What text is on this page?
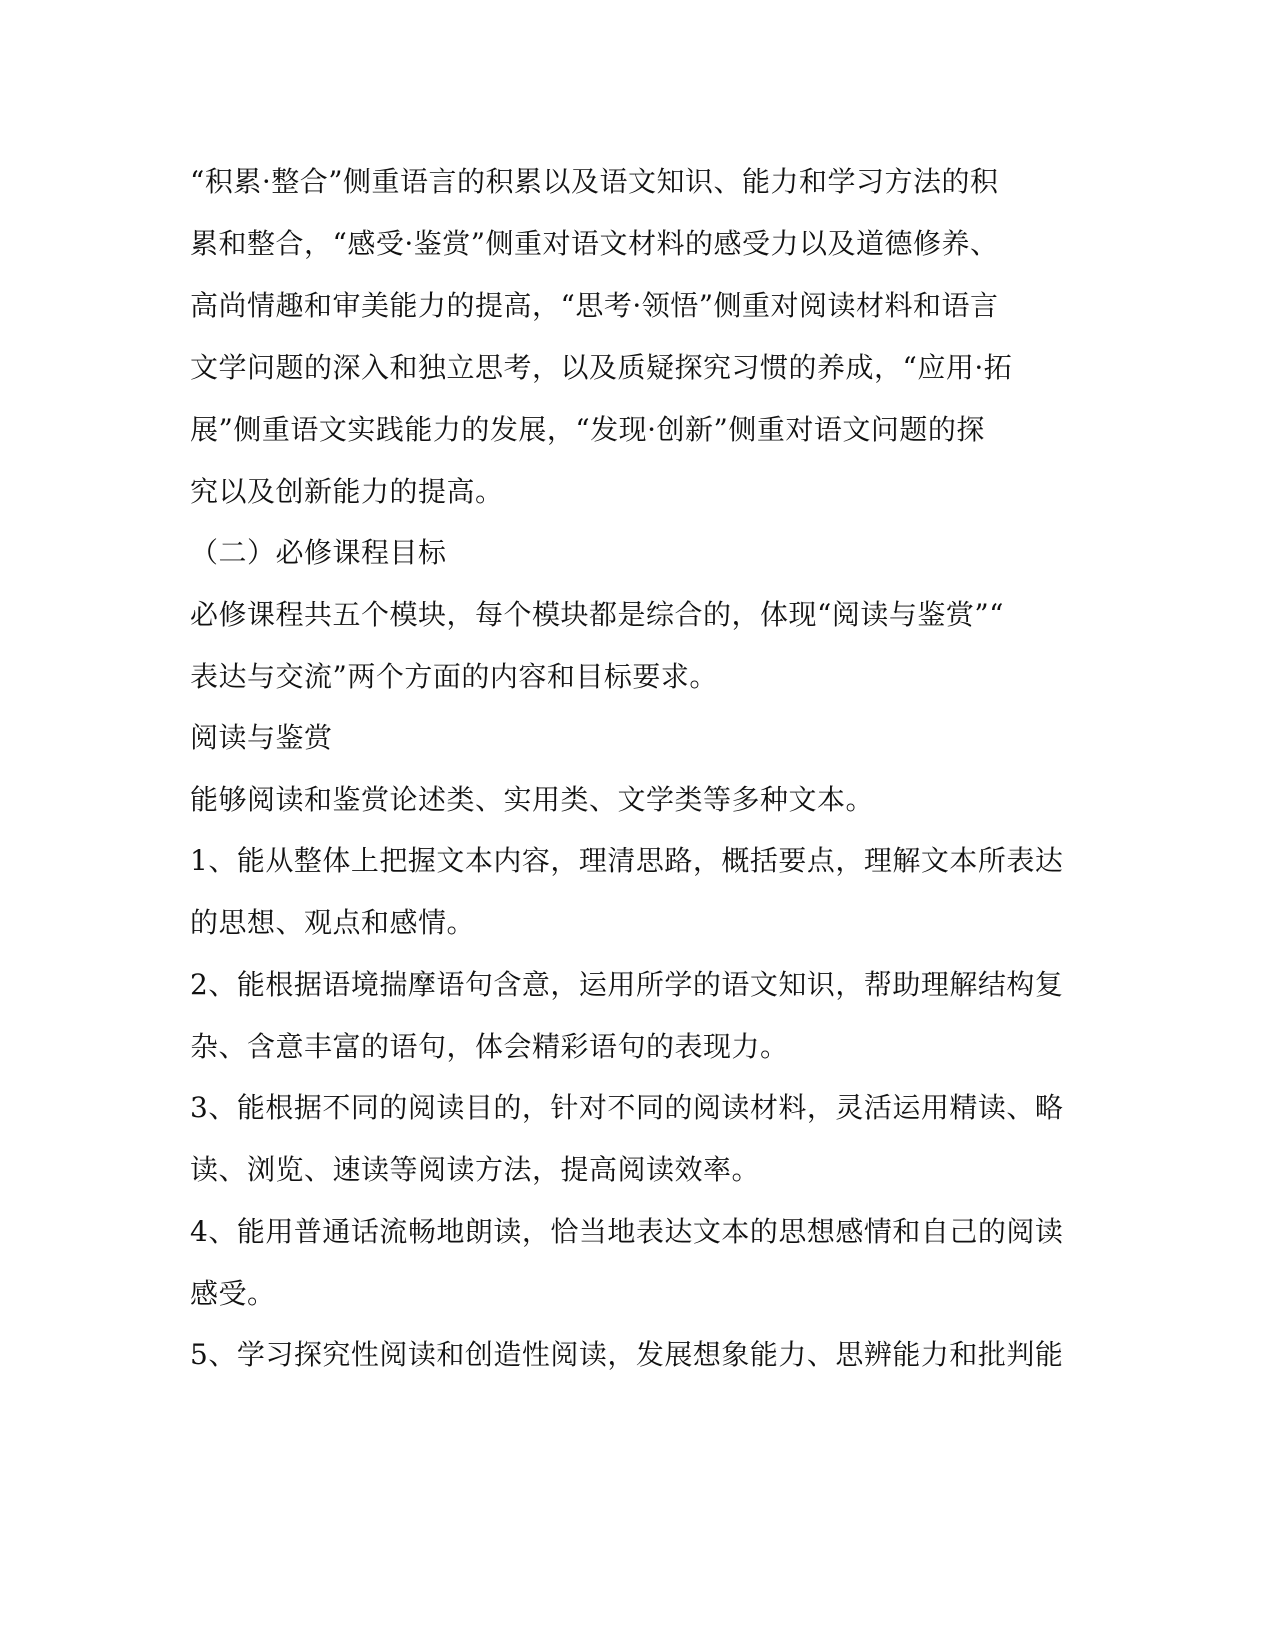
“积累·整合”侧重语言的积累以及语文知识、能力和学习方法的积
累和整合，“感受·鉴赏”侧重对语文材料的感受力以及道德修养、
高尚情趣和审美能力的提高，“思考·领悟”侧重对阅读材料和语言
文学问题的深入和独立思考，以及质疑探究习惯的养成，“应用·拓
展”侧重语文实践能力的发展，“发现·创新”侧重对语文问题的探
究以及创新能力的提高。
（二）必修课程目标
必修课程共五个模块，每个模块都是综合的，体现“阅读与鉴赏”“
表达与交流”两个方面的内容和目标要求。
阅读与鉴赏
能够阅读和鉴赏论述类、实用类、文学类等多种文本。
1、能从整体上把握文本内容，理清思路，概括要点，理解文本所表达
的思想、观点和感情。
2、能根据语境揣摩语句含意，运用所学的语文知识，帮助理解结构复
杂、含意丰富的语句，体会精彩语句的表现力。
3、能根据不同的阅读目的，针对不同的阅读材料，灵活运用精读、略
读、浏览、速读等阅读方法，提高阅读效率。
4、能用普通话流畅地朗读，恰当地表达文本的思想感情和自己的阅读
感受。
5、学习探究性阅读和创造性阅读，发展想象能力、思辨能力和批判能
